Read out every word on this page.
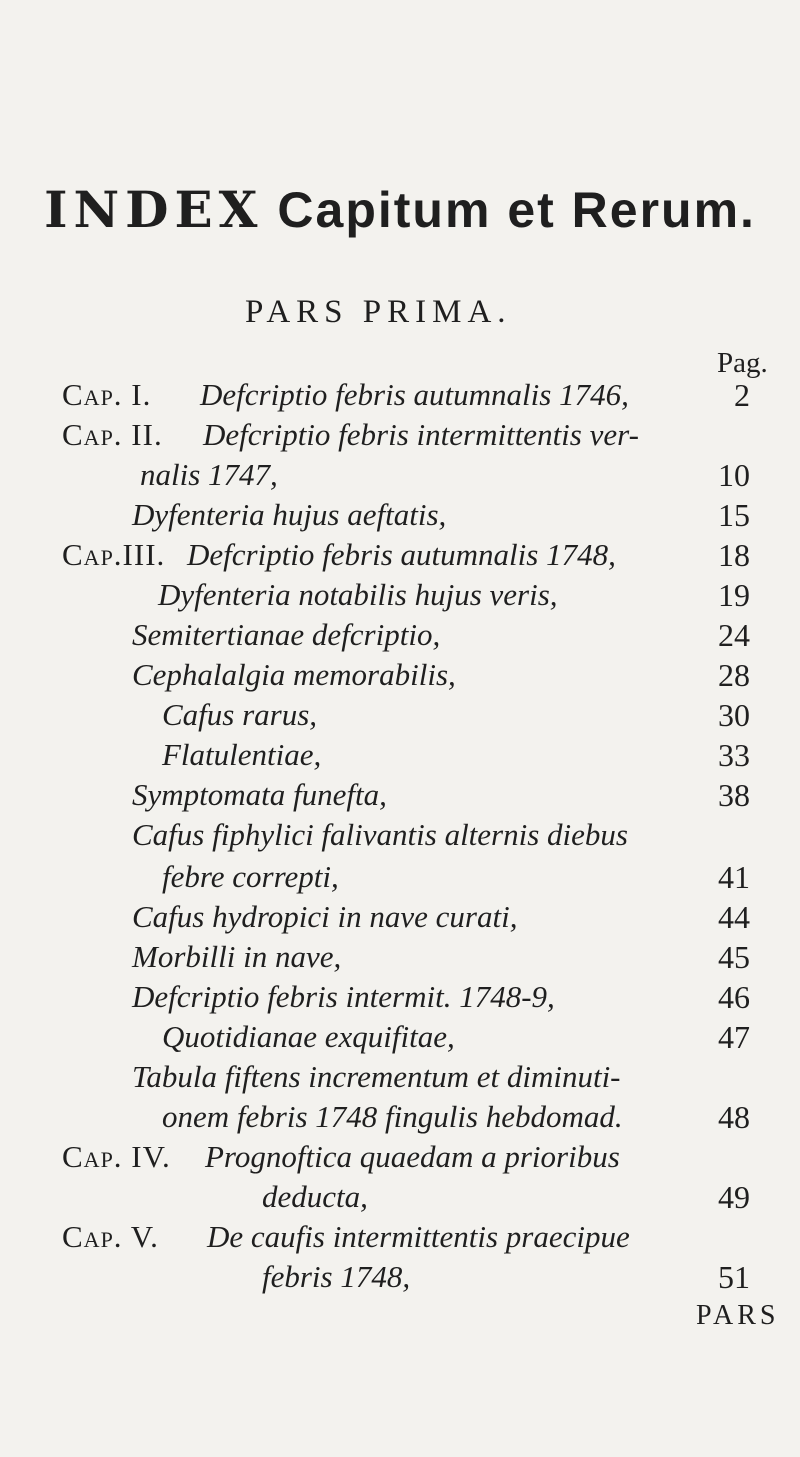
INDEX Capitum et Rerum.
PARS PRIMA.
Pag.
Cap. I. Defcriptio febris autumnalis 1746,	2
Cap. II. Defcriptio febris intermittentis ver-
nalis 1747,	10
Dyfenteria hujus aeftatis,	15
Cap.III. Defcriptio febris autumnalis 1748,	18
Dyfenteria notabilis hujus veris,	19
Semitertianae defcriptio,	24
Cephalalgia memorabilis,	28
Cafus rarus,	30
Flatulentiae,	33
Symptomata funefta,	38
Cafus fiphylici falivantis alternis diebus
febre correpti,	41
Cafus hydropici in nave curati,	44
Morbilli in nave,	45
Defcriptio febris intermit. 1748-9,	46
Quotidianae exquifitae,	47
Tabula fiftens incrementum et diminuti-
onem febris 1748 fingulis hebdomad.	48
Cap. IV. Prognoftica quaedam a prioribus
deducta,	49
Cap. V. De caufis intermittentis praecipue
febris 1748,	51
PARS
